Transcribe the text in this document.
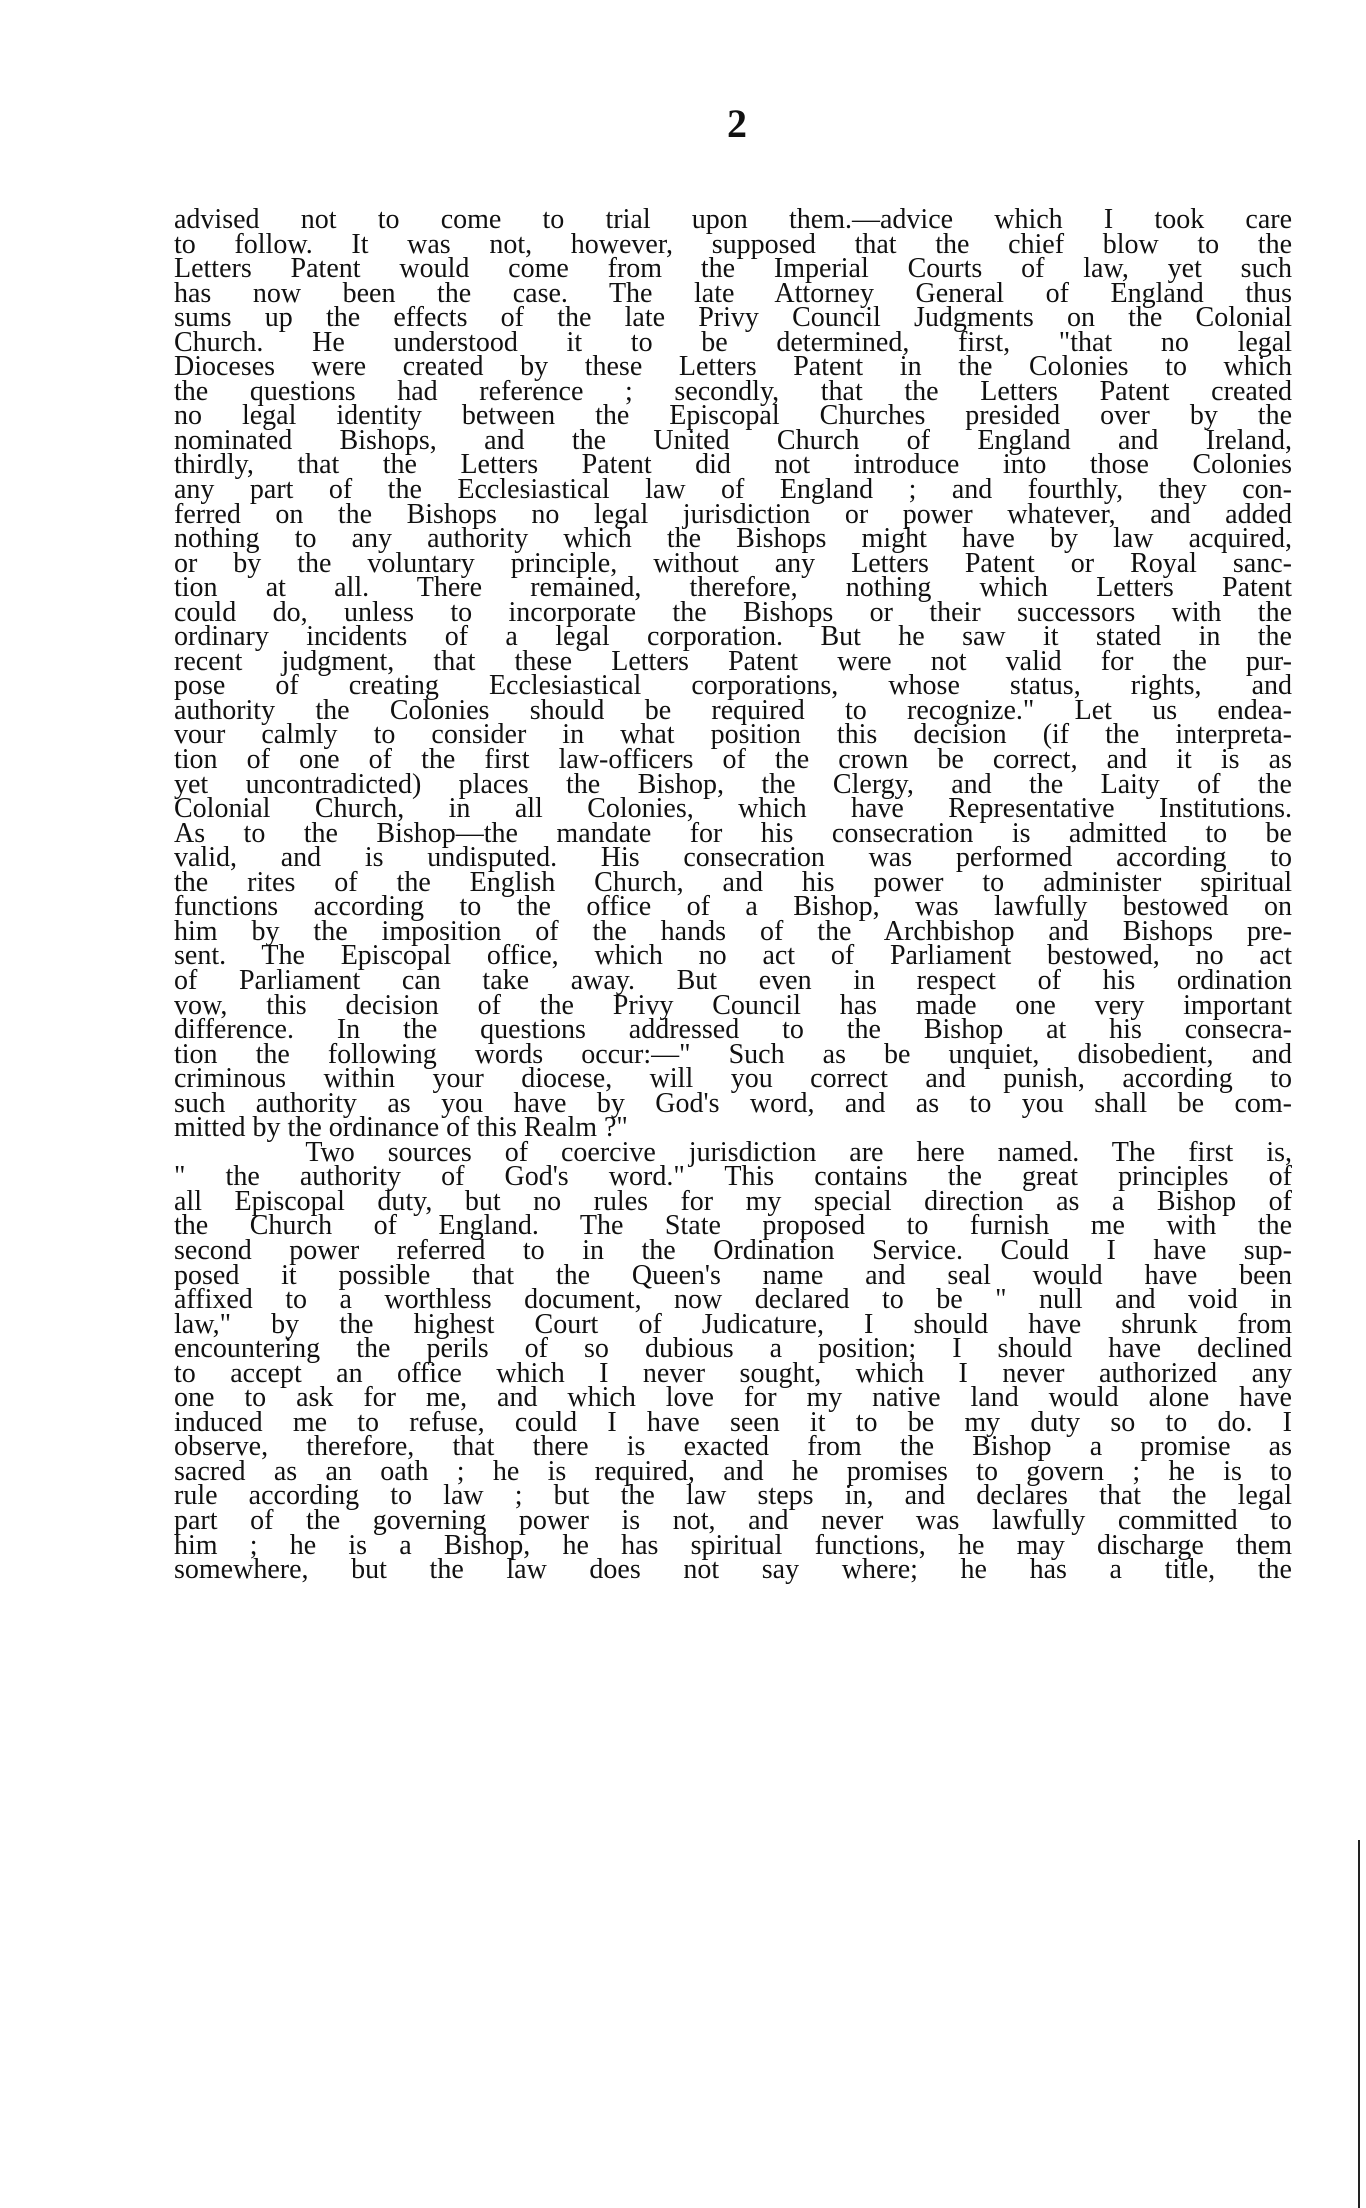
2
advised not to come to trial upon them.—advice which I took care
to follow. It was not, however, supposed that the chief blow to the
Letters Patent would come from the Imperial Courts of law, yet such
has now been the case. The late Attorney General of England thus
sums up the effects of the late Privy Council Judgments on the Colonial
Church. He understood it to be determined, first, "that no legal
Dioceses were created by these Letters Patent in the Colonies to which
the questions had reference ; secondly, that the Letters Patent created
no legal identity between the Episcopal Churches presided over by the
nominated Bishops, and the United Church of England and Ireland,
thirdly, that the Letters Patent did not introduce into those Colonies
any part of the Ecclesiastical law of England ; and fourthly, they con-
ferred on the Bishops no legal jurisdiction or power whatever, and added
nothing to any authority which the Bishops might have by law acquired,
or by the voluntary principle, without any Letters Patent or Royal sanc-
tion at all. There remained, therefore, nothing which Letters Patent
could do, unless to incorporate the Bishops or their successors with the
ordinary incidents of a legal corporation. But he saw it stated in the
recent judgment, that these Letters Patent were not valid for the pur-
pose of creating Ecclesiastical corporations, whose status, rights, and
authority the Colonies should be required to recognize." Let us endea-
vour calmly to consider in what position this decision (if the interpreta-
tion of one of the first law-officers of the crown be correct, and it is as
yet uncontradicted) places the Bishop, the Clergy, and the Laity of the
Colonial Church, in all Colonies, which have Representative Institutions.
As to the Bishop—the mandate for his consecration is admitted to be
valid, and is undisputed. His consecration was performed according to
the rites of the English Church, and his power to administer spiritual
functions according to the office of a Bishop, was lawfully bestowed on
him by the imposition of the hands of the Archbishop and Bishops pre-
sent. The Episcopal office, which no act of Parliament bestowed, no act
of Parliament can take away. But even in respect of his ordination
vow, this decision of the Privy Council has made one very important
difference. In the questions addressed to the Bishop at his consecra-
tion the following words occur:—" Such as be unquiet, disobedient, and
criminous within your diocese, will you correct and punish, according to
such authority as you have by God's word, and as to you shall be com-
mitted by the ordinance of this Realm ?"
Two sources of coercive jurisdiction are here named. The first is,
" the authority of God's word." This contains the great principles of
all Episcopal duty, but no rules for my special direction as a Bishop of
the Church of England. The State proposed to furnish me with the
second power referred to in the Ordination Service. Could I have sup-
posed it possible that the Queen's name and seal would have been
affixed to a worthless document, now declared to be " null and void in
law," by the highest Court of Judicature, I should have shrunk from
encountering the perils of so dubious a position; I should have declined
to accept an office which I never sought, which I never authorized any
one to ask for me, and which love for my native land would alone have
induced me to refuse, could I have seen it to be my duty so to do. I
observe, therefore, that there is exacted from the Bishop a promise as
sacred as an oath ; he is required, and he promises to govern ; he is to
rule according to law ; but the law steps in, and declares that the legal
part of the governing power is not, and never was lawfully committed to
him ; he is a Bishop, he has spiritual functions, he may discharge them
somewhere, but the law does not say where; he has a title, the
